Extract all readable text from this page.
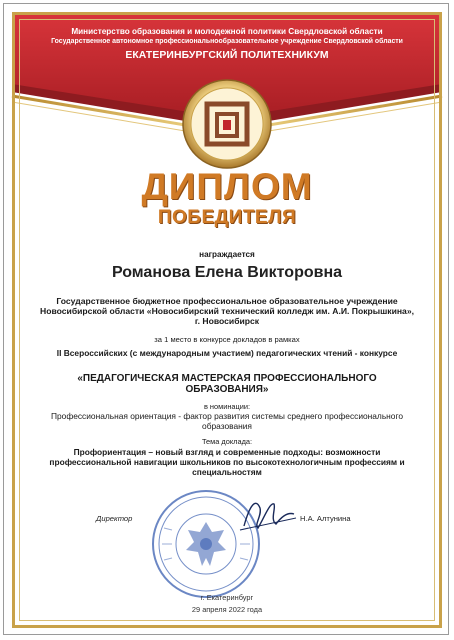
Министерство образования и молодежной политики Свердловской области
Государственное автономное профессиональнообразовательное учреждение Свердловской области
ЕКАТЕРИНБУРГСКИЙ ПОЛИТЕХНИКУМ
ДИПЛОМ
ПОБЕДИТЕЛЯ
награждается
Романова Елена Викторовна
Государственное бюджетное профессиональное образовательное учреждение Новосибирской области «Новосибирский технический колледж им. А.И. Покрышкина», г. Новосибирск
за 1 место в конкурсе докладов в рамках
II Всероссийских (с международным участием) педагогических чтений - конкурсе
«ПЕДАГОГИЧЕСКАЯ МАСТЕРСКАЯ ПРОФЕССИОНАЛЬНОГО ОБРАЗОВАНИЯ»
в номинации:
Профессиональная ориентация - фактор развития системы среднего профессионального образования
Тема доклада:
Профориентация – новый взгляд и современные подходы: возможности профессиональной навигации школьников по высокотехнологичным профессиям и специальностям
Директор	Н.А. Алтунина
г. Екатеринбург
29 апреля 2022 года
